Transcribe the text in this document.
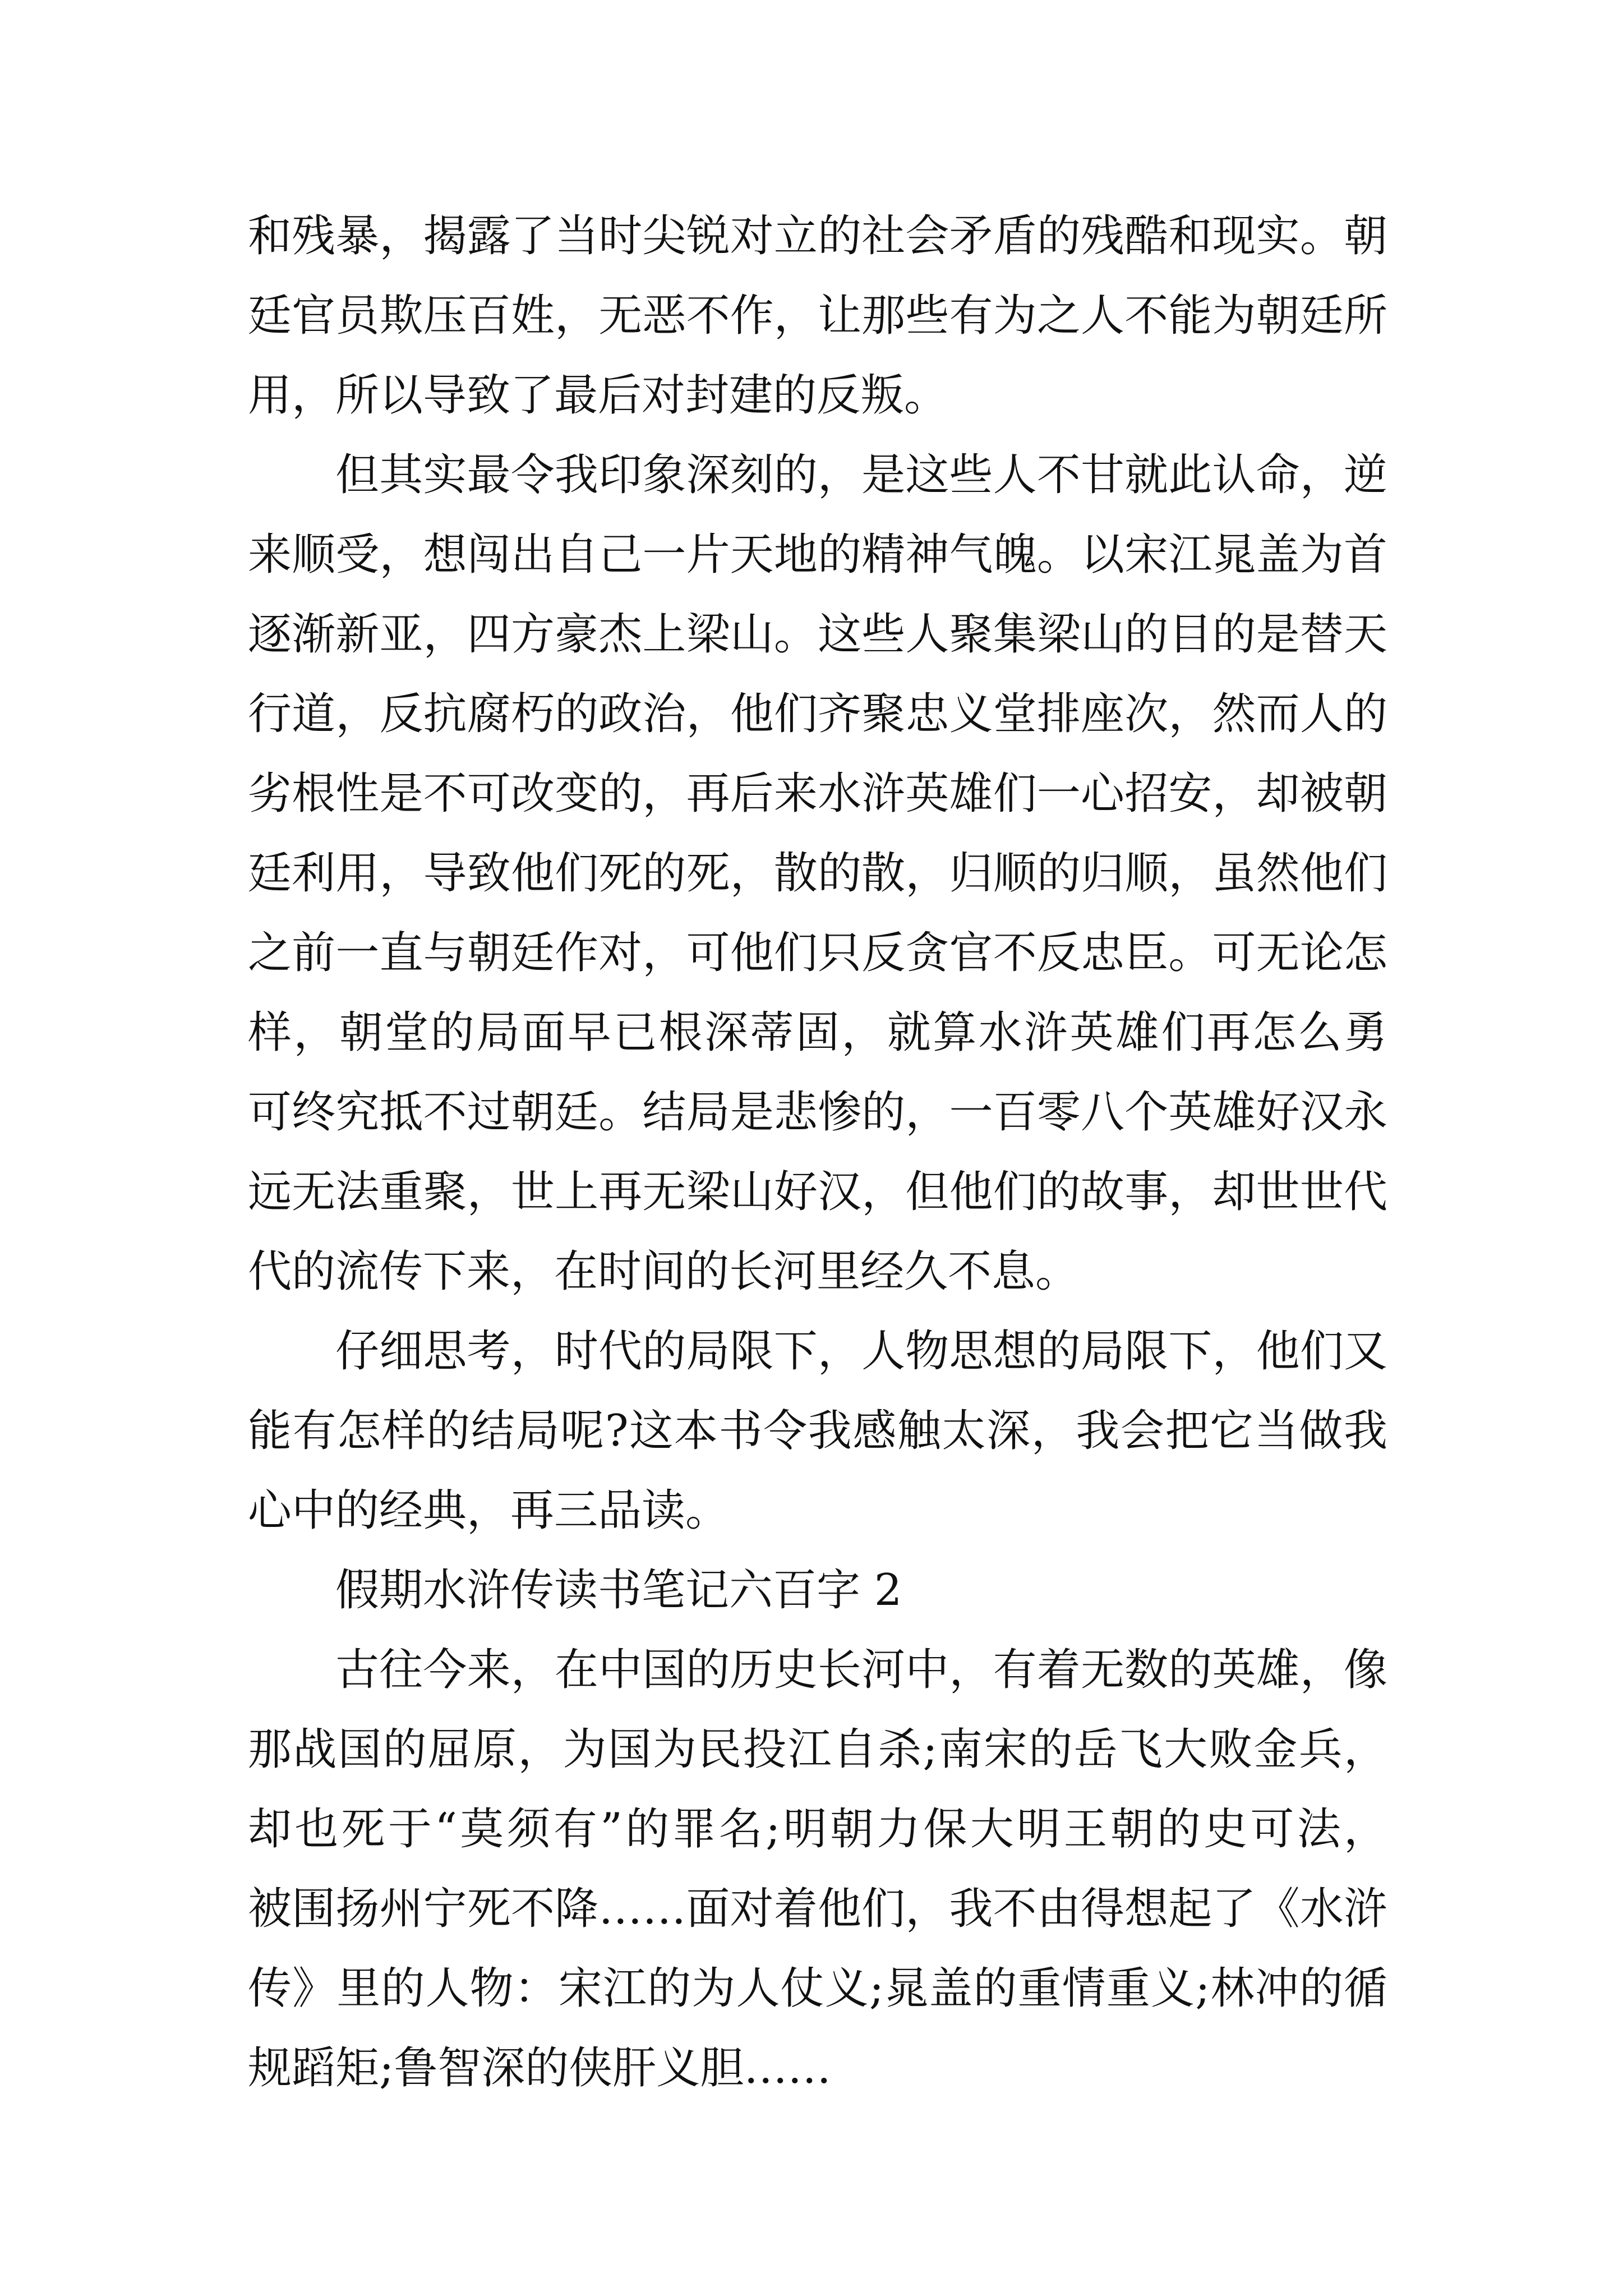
和残暴，揭露了当时尖锐对立的社会矛盾的残酷和现实。朝
廷官员欺压百姓，无恶不作，让那些有为之人不能为朝廷所
用，所以导致了最后对封建的反叛。
但其实最令我印象深刻的，是这些人不甘就此认命，逆
来顺受，想闯出自己一片天地的精神气魄。以宋江晁盖为首
逐渐新亚，四方豪杰上梁山。这些人聚集梁山的目的是替天
行道，反抗腐朽的政治，他们齐聚忠义堂排座次，然而人的
劣根性是不可改变的，再后来水浒英雄们一心招安，却被朝
廷利用，导致他们死的死，散的散，归顺的归顺，虽然他们
之前一直与朝廷作对，可他们只反贪官不反忠臣。可无论怎
样，朝堂的局面早已根深蒂固，就算水浒英雄们再怎么勇
可终究抵不过朝廷。结局是悲惨的，一百零八个英雄好汉永
远无法重聚，世上再无梁山好汉，但他们的故事，却世世代
代的流传下来，在时间的长河里经久不息。
仔细思考，时代的局限下，人物思想的局限下，他们又
能有怎样的结局呢?这本书令我感触太深，我会把它当做我
心中的经典，再三品读。
假期水浒传读书笔记六百字 2
古往今来，在中国的历史长河中，有着无数的英雄，像
那战国的屈原，为国为民投江自杀;南宋的岳飞大败金兵，
却也死于“莫须有”的罪名;明朝力保大明王朝的史可法，
被围扬州宁死不降……面对着他们，我不由得想起了《水浒
传》里的人物：宋江的为人仗义;晁盖的重情重义;林冲的循
规蹈矩;鲁智深的侠肝义胆……
